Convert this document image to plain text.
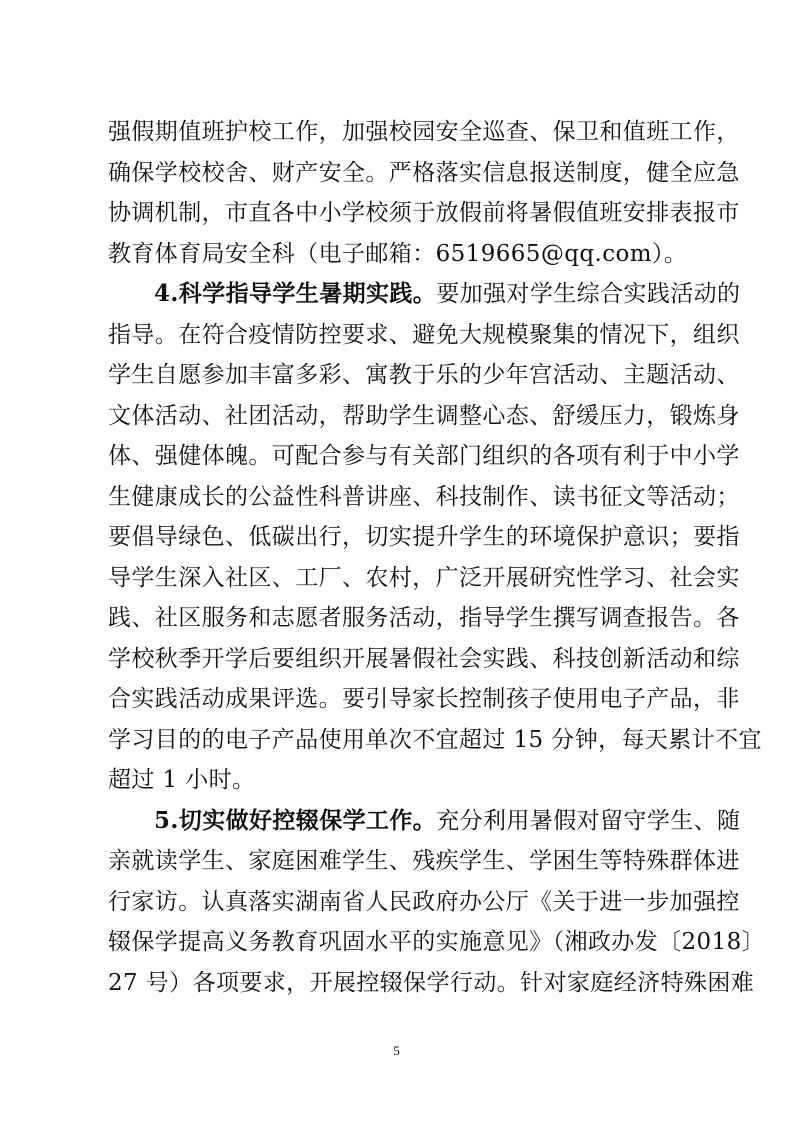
强假期值班护校工作，加强校园安全巡查、保卫和值班工作，
确保学校校舍、财产安全。严格落实信息报送制度，健全应急
协调机制，市直各中小学校须于放假前将暑假值班安排表报市
教育体育局安全科（电子邮箱：6519665@qq.com）。
4.科学指导学生暑期实践。要加强对学生综合实践活动的
指导。在符合疫情防控要求、避免大规模聚集的情况下，组织
学生自愿参加丰富多彩、寓教于乐的少年宫活动、主题活动、
文体活动、社团活动，帮助学生调整心态、舒缓压力，锻炼身
体、强健体魄。可配合参与有关部门组织的各项有利于中小学
生健康成长的公益性科普讲座、科技制作、读书征文等活动；
要倡导绿色、低碳出行，切实提升学生的环境保护意识；要指
导学生深入社区、工厂、农村，广泛开展研究性学习、社会实
践、社区服务和志愿者服务活动，指导学生撰写调查报告。各
学校秋季开学后要组织开展暑假社会实践、科技创新活动和综
合实践活动成果评选。要引导家长控制孩子使用电子产品，非
学习目的的电子产品使用单次不宜超过 15 分钟，每天累计不宜
超过 1 小时。
5.切实做好控辍保学工作。充分利用暑假对留守学生、随
亲就读学生、家庭困难学生、残疾学生、学困生等特殊群体进
行家访。认真落实湖南省人民政府办公厅《关于进一步加强控
辍保学提高义务教育巩固水平的实施意见》（湘政办发〔2018〕
27 号）各项要求，开展控辍保学行动。针对家庭经济特殊困难
5
